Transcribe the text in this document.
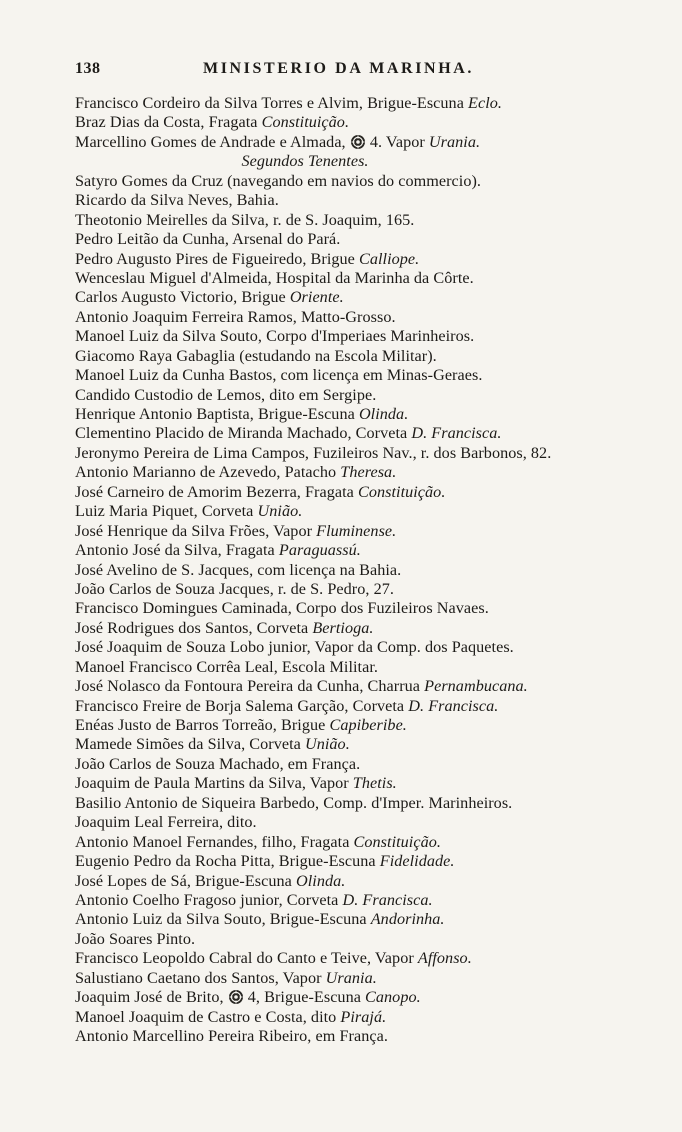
138	MINISTERIO DA MARINHA.
Francisco Cordeiro da Silva Torres e Alvim, Brigue-Escuna Eclo.
Braz Dias da Costa, Fragata Constituição.
Marcellino Gomes de Andrade e Almada,
4. Vapor Urania.
Segundos Tenentes.
Satyro Gomes da Cruz (navegando em navios do commercio).
Ricardo da Silva Neves, Bahia.
Theotonio Meirelles da Silva, r. de S. Joaquim, 165.
Pedro Leitão da Cunha, Arsenal do Pará.
Pedro Augusto Pires de Figueiredo, Brigue Calliope.
Wenceslau Miguel d'Almeida, Hospital da Marinha da Côrte.
Carlos Augusto Victorio, Brigue Oriente.
Antonio Joaquim Ferreira Ramos, Matto-Grosso.
Manoel Luiz da Silva Souto, Corpo d'Imperiaes Marinheiros.
Giacomo Raya Gabaglia (estudando na Escola Militar).
Manoel Luiz da Cunha Bastos, com licença em Minas-Geraes.
Candido Custodio de Lemos, dito em Sergipe.
Henrique Antonio Baptista, Brigue-Escuna Olinda.
Clementino Placido de Miranda Machado, Corveta D. Francisca.
Jeronymo Pereira de Lima Campos, Fuzileiros Nav., r. dos Barbonos, 82.
Antonio Marianno de Azevedo, Patacho Theresa.
José Carneiro de Amorim Bezerra, Fragata Constituição.
Luiz Maria Piquet, Corveta União.
José Henrique da Silva Frões, Vapor Fluminense.
Antonio José da Silva, Fragata Paraguassú.
José Avelino de S. Jacques, com licença na Bahia.
João Carlos de Souza Jacques, r. de S. Pedro, 27.
Francisco Domingues Caminada, Corpo dos Fuzileiros Navaes.
José Rodrigues dos Santos, Corveta Bertioga.
José Joaquim de Souza Lobo junior, Vapor da Comp. dos Paquetes.
Manoel Francisco Corrêa Leal, Escola Militar.
José Nolasco da Fontoura Pereira da Cunha, Charrua Pernambucana.
Francisco Freire de Borja Salema Garção, Corveta D. Francisca.
Enéas Justo de Barros Torreão, Brigue Capiberibe.
Mamede Simões da Silva, Corveta União.
João Carlos de Souza Machado, em França.
Joaquim de Paula Martins da Silva, Vapor Thetis.
Basilio Antonio de Siqueira Barbedo, Comp. d'Imper. Marinheiros.
Joaquim Leal Ferreira, dito.
Antonio Manoel Fernandes, filho, Fragata Constituição.
Eugenio Pedro da Rocha Pitta, Brigue-Escuna Fidelidade.
José Lopes de Sá, Brigue-Escuna Olinda.
Antonio Coelho Fragoso junior, Corveta D. Francisca.
Antonio Luiz da Silva Souto, Brigue-Escuna Andorinha.
João Soares Pinto.
Francisco Leopoldo Cabral do Canto e Teive, Vapor Affonso.
Salustiano Caetano dos Santos, Vapor Urania.
Joaquim José de Brito,
4, Brigue-Escuna Canopo.
Manoel Joaquim de Castro e Costa, dito Pirajá.
Antonio Marcellino Pereira Ribeiro, em França.
